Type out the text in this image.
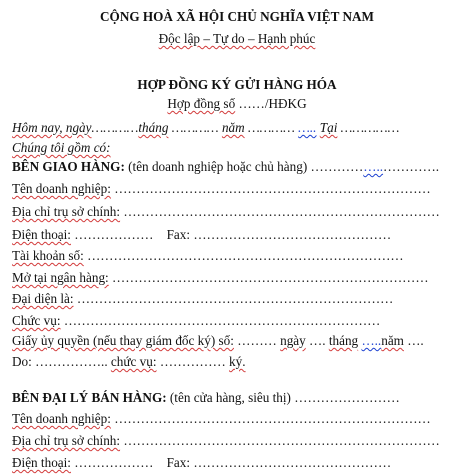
CỘNG HOÀ XÃ HỘI CHỦ NGHĨA VIỆT NAM
Độc lập – Tự do – Hạnh phúc
HỢP ĐỒNG KÝ GỬI HÀNG HÓA
Hợp đồng số ……/HĐKG
Hôm nay, ngày…………tháng ………… năm ………… ….. Tại ……………
Chúng tôi gồm có:
BÊN GIAO HÀNG: (tên doanh nghiệp hoặc chủ hàng) ……………..………….
Tên doanh nghiệp: ………………………………………………………………
Địa chỉ trụ sở chính: ………………………………………………………………
Điện thoại: ……………… Fax: ………………………………………
Tài khoản số: ………………………………………………………………
Mở tại ngân hàng: ………………………………………………………………
Đại diện là: ………………………………………………………………
Chức vụ: ………………………………………………………………
Giấy ủy quyền (nếu thay giám đốc ký) số: ……… ngày …. tháng …..năm ….
Do: …………….. chức vụ: …………… ký.
BÊN ĐẠI LÝ BÁN HÀNG: (tên cửa hàng, siêu thị) ……………………
Tên doanh nghiệp: ………………………………………………………………
Địa chỉ trụ sở chính: ………………………………………………………………
Điện thoại: ……………… Fax: ………………………………………
